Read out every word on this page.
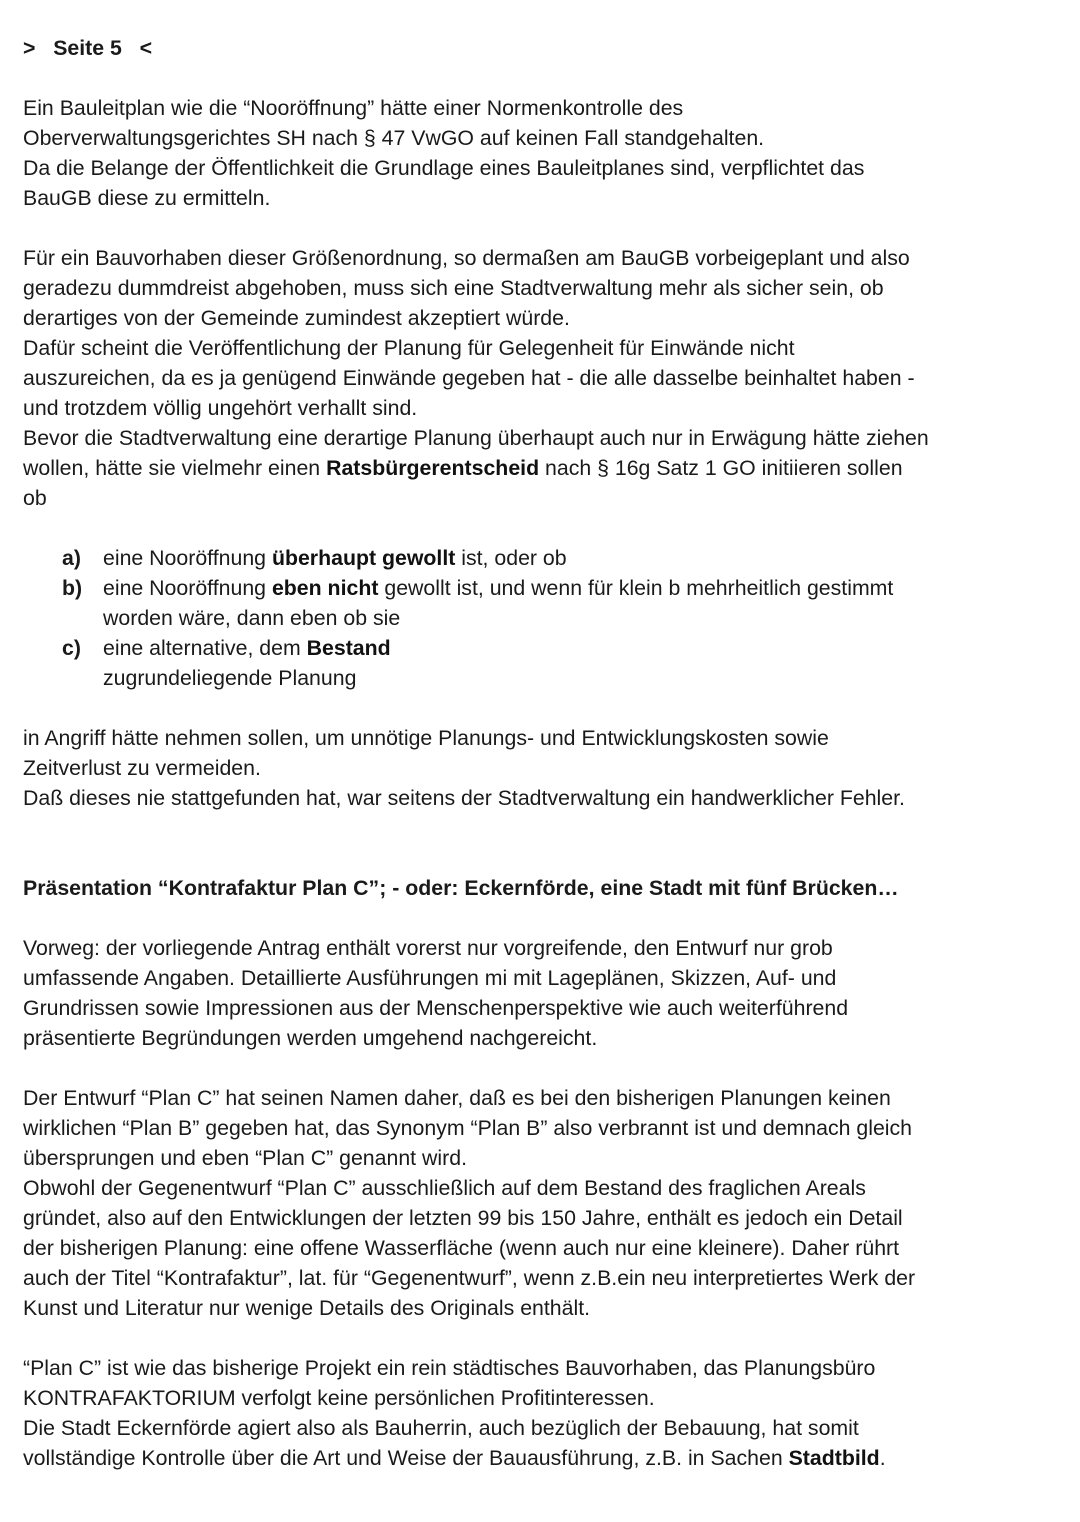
> Seite 5 <
Ein Bauleitplan wie die “Nooröffnung” hätte einer Normenkontrolle des
Oberverwaltungsgerichtes SH nach § 47 VwGO auf keinen Fall standgehalten.
Da die Belange der Öffentlichkeit die Grundlage eines Bauleitplanes sind, verpflichtet das
BauGB diese zu ermitteln.
Für ein Bauvorhaben dieser Größenordnung, so dermaßen am BauGB vorbeigeplant und also
geradezu dummdreist abgehoben, muss sich eine Stadtverwaltung mehr als sicher sein, ob
derartiges von der Gemeinde zumindest akzeptiert würde.
Dafür scheint die Veröffentlichung der Planung für Gelegenheit für Einwände nicht
auszureichen, da es ja genügend Einwände gegeben hat - die alle dasselbe beinhaltet haben -
und trotzdem völlig ungehört verhallt sind.
Bevor die Stadtverwaltung eine derartige Planung überhaupt auch nur in Erwägung hätte ziehen
wollen, hätte sie vielmehr einen Ratsbürgerentscheid nach § 16g Satz 1 GO initiieren sollen
ob
a) eine Nooröffnung überhaupt gewollt ist, oder ob
b) eine Nooröffnung eben nicht gewollt ist, und wenn für klein b mehrheitlich gestimmt
worden wäre, dann eben ob sie
c) eine alternative, dem Bestand
zugrundeliegende Planung
in Angriff hätte nehmen sollen, um unnötige Planungs- und Entwicklungskosten sowie
Zeitverlust zu vermeiden.
Daß dieses nie stattgefunden hat, war seitens der Stadtverwaltung ein handwerklicher Fehler.
Präsentation “Kontrafaktur Plan C”; - oder: Eckernförde, eine Stadt mit fünf Brücken…
Vorweg: der vorliegende Antrag enthält vorerst nur vorgreifende, den Entwurf nur grob
umfassende Angaben. Detaillierte Ausführungen mi mit Lageplänen, Skizzen, Auf- und
Grundrissen sowie Impressionen aus der Menschenperspektive wie auch weiterführend
präsentierte Begründungen werden umgehend nachgereicht.
Der Entwurf “Plan C” hat seinen Namen daher, daß es bei den bisherigen Planungen keinen
wirklichen “Plan B” gegeben hat, das Synonym “Plan B” also verbrannt ist und demnach gleich
übersprungen und eben “Plan C” genannt wird.
Obwohl der Gegenentwurf “Plan C” ausschließlich auf dem Bestand des fraglichen Areals
gründet, also auf den Entwicklungen der letzten 99 bis 150 Jahre, enthält es jedoch ein Detail
der bisherigen Planung: eine offene Wasserfläche (wenn auch nur eine kleinere). Daher rührt
auch der Titel “Kontrafaktur”, lat. für “Gegenentwurf”, wenn z.B.ein neu interpretiertes Werk der
Kunst und Literatur nur wenige Details des Originals enthält.
“Plan C” ist wie das bisherige Projekt ein rein städtisches Bauvorhaben, das Planungsbüro
KONTRAFAKTORIUM verfolgt keine persönlichen Profitinteressen.
Die Stadt Eckernförde agiert also als Bauherrin, auch bezüglich der Bebauung, hat somit
vollständige Kontrolle über die Art und Weise der Bauausführung, z.B. in Sachen Stadtbild.
